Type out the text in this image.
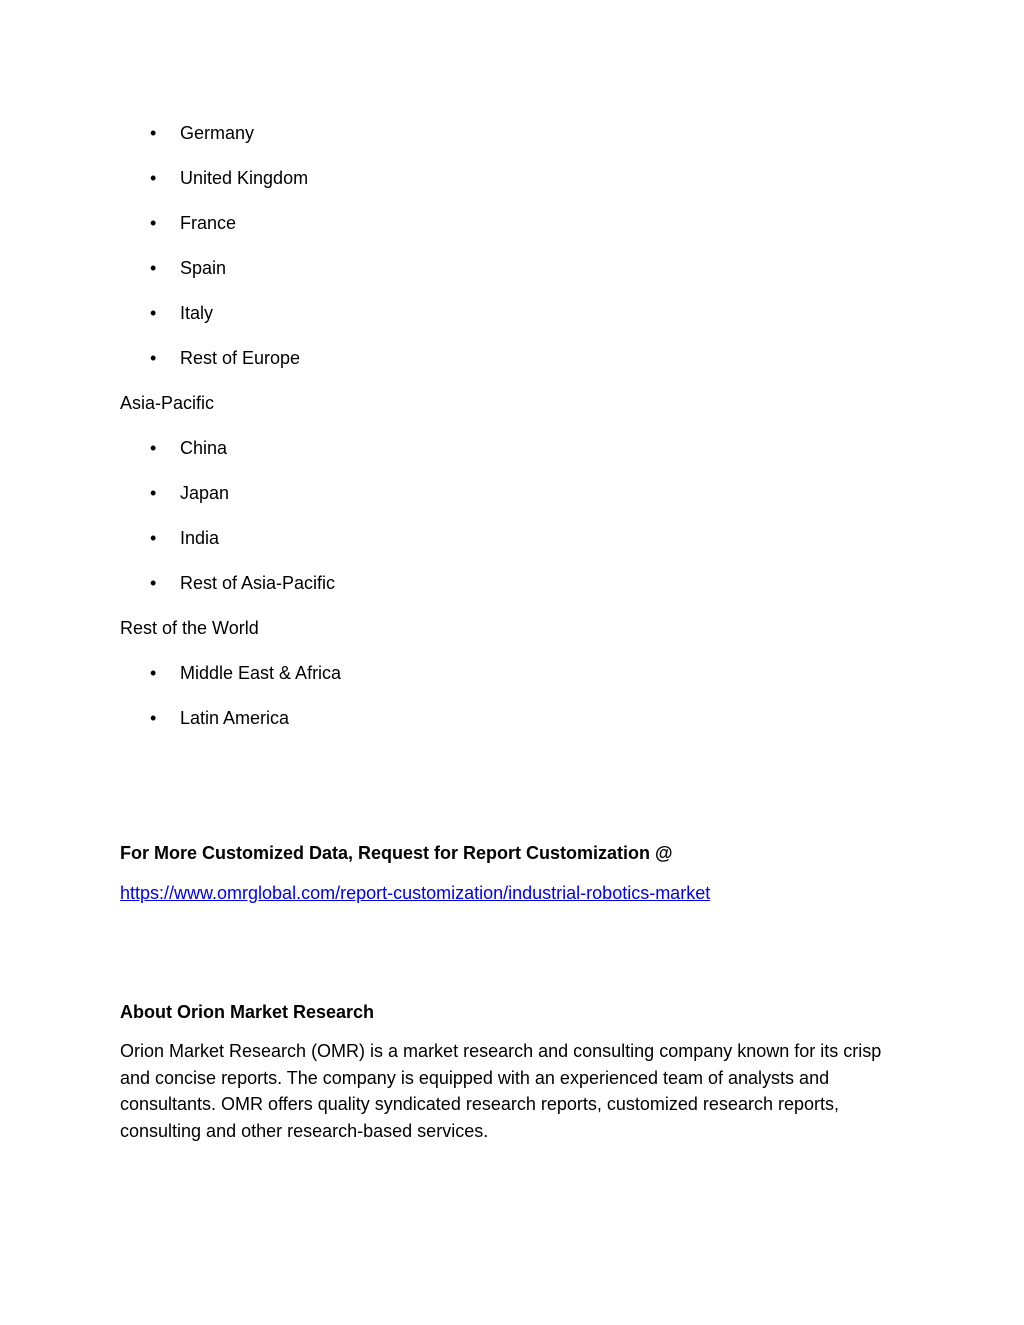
• Germany
• United Kingdom
• France
• Spain
• Italy
• Rest of Europe
Asia-Pacific
• China
• Japan
• India
• Rest of Asia-Pacific
Rest of the World
• Middle East & Africa
• Latin America
For More Customized Data, Request for Report Customization @
https://www.omrglobal.com/report-customization/industrial-robotics-market
About Orion Market Research
Orion Market Research (OMR) is a market research and consulting company known for its crisp
and concise reports. The company is equipped with an experienced team of analysts and
consultants. OMR offers quality syndicated research reports, customized research reports,
consulting and other research-based services.
